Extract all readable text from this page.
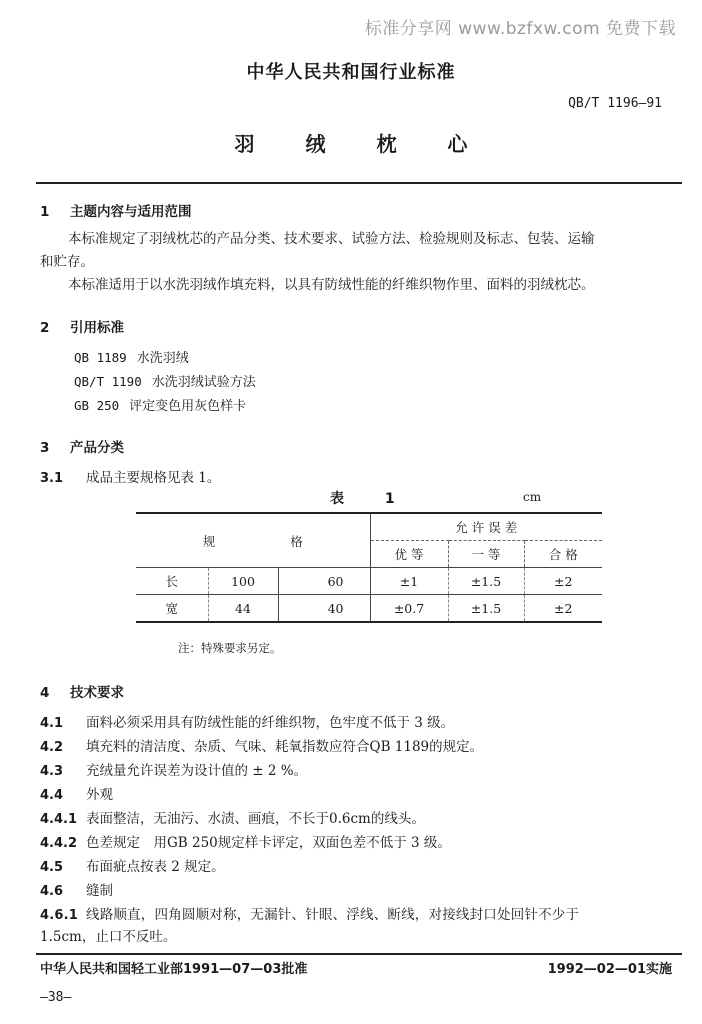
标准分享网 www.bzfxw.com 免费下载
中华人民共和国行业标准
QB/T 1196—91
羽 绒 枕 心
1 主题内容与适用范围
本标准规定了羽绒枕芯的产品分类、技术要求、试验方法、检验规则及标志、包装、运输
和贮存。
本标准适用于以水洗羽绒作填充料，以具有防绒性能的纤维织物作里、面料的羽绒枕芯。
2 引用标准
QB 1189 水洗羽绒
QB/T 1190 水洗羽绒试验方法
GB 250 评定变色用灰色样卡
3 产品分类
3.1 成品主要规格见表 1。
表 1	cm
规　　　　　　格			允 许 误 差		
			优 等	一 等	合 格
长	100	60	±1	±1.5	±2
宽	44	40	±0.7	±1.5	±2
注：特殊要求另定。
4 技术要求
4.1 面料必须采用具有防绒性能的纤维织物，色牢度不低于 3 级。
4.2 填充料的清洁度、杂质、气味、耗氧指数应符合QB 1189的规定。
4.3 充绒量允许误差为设计值的 ± 2 %。
4.4 外观
4.4.1 表面整洁，无油污、水渍、画痕，不长于0.6cm的线头。
4.4.2 色差规定　用GB 250规定样卡评定，双面色差不低于 3 级。
4.5 布面疵点按表 2 规定。
4.6 缝制
4.6.1 线路顺直，四角圆顺对称，无漏针、针眼、浮线、断线，对接线封口处回针不少于
1.5cm，止口不反吐。
中华人民共和国轻工业部1991—07—03批准	1992—02—01实施
—38—
